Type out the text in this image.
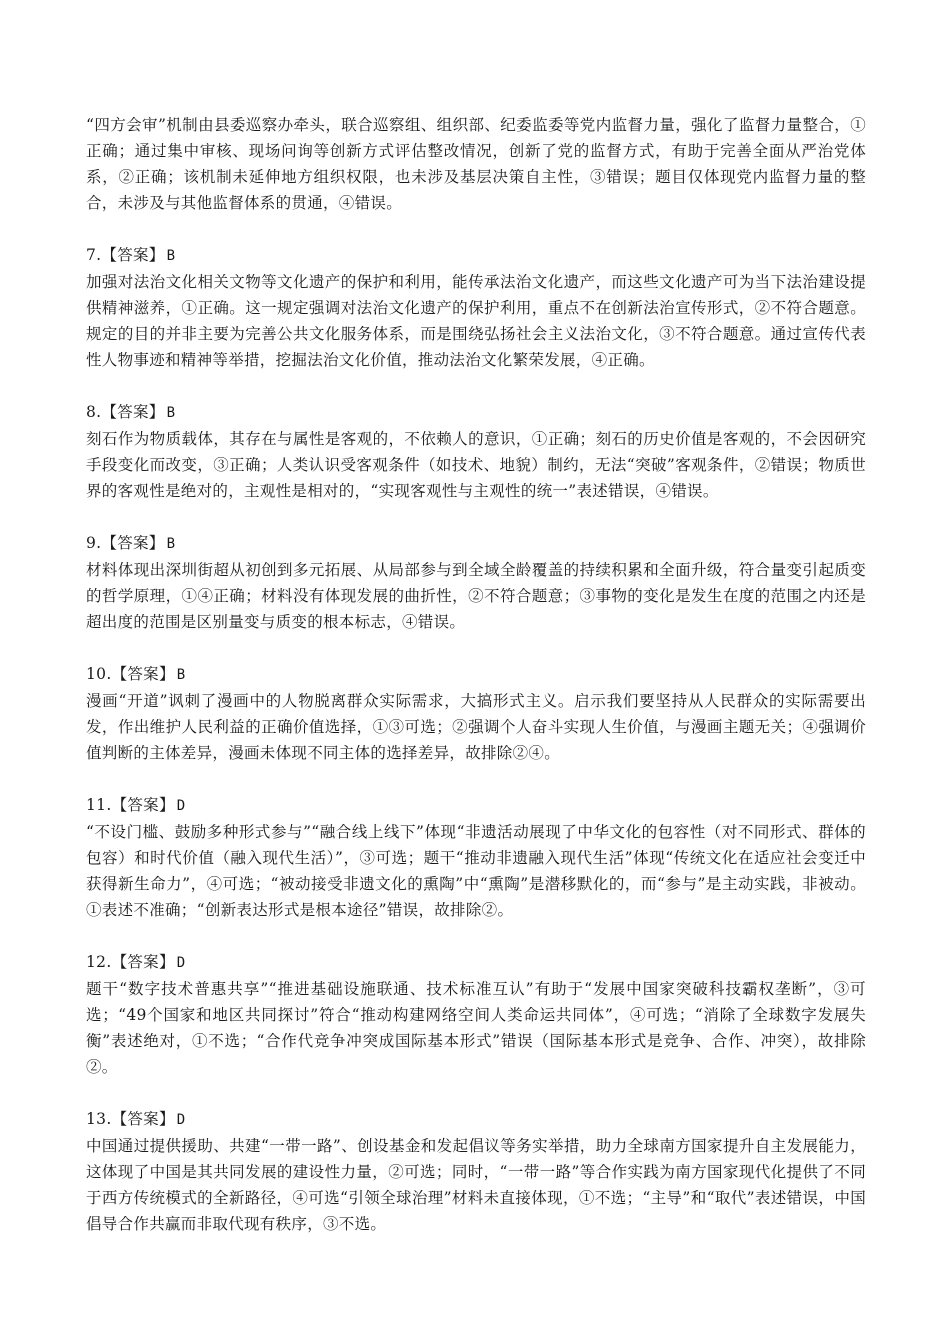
“四方会审”机制由县委巡察办牵头，联合巡察组、组织部、纪委监委等党内监督力量，强化了监督力量整合，①正确；通过集中审核、现场问询等创新方式评估整改情况，创新了党的监督方式，有助于完善全面从严治党体系，②正确；该机制未延伸地方组织权限，也未涉及基层决策自主性，③错误；题目仅体现党内监督力量的整合，未涉及与其他监督体系的贯通，④错误。

7.【答案】 B

加强对法治文化相关文物等文化遗产的保护和利用，能传承法治文化遗产，而这些文化遗产可为当下法治建设提供精神滋养，①正确。这一规定强调对法治文化遗产的保护利用，重点不在创新法治宣传形式，②不符合题意。规定的目的并非主要为完善公共文化服务体系，而是围绕弘扬社会主义法治文化，③不符合题意。通过宣传代表性人物事迹和精神等举措，挖掘法治文化价值，推动法治文化繁荣发展，④正确。

8.【答案】 B

刻石作为物质载体，其存在与属性是客观的，不依赖人的意识，①正确；刻石的历史价值是客观的，不会因研究手段变化而改变，③正确；人类认识受客观条件（如技术、地貌）制约，无法“突破”客观条件，②错误；物质世界的客观性是绝对的，主观性是相对的，“实现客观性与主观性的统一”表述错误，④错误。

9.【答案】 B

材料体现出深圳街超从初创到多元拓展、从局部参与到全域全龄覆盖的持续积累和全面升级，符合量变引起质变的哲学原理，①④正确；材料没有体现发展的曲折性，②不符合题意；③事物的变化是发生在度的范围之内还是超出度的范围是区别量变与质变的根本标志，④错误。

10.【答案】 B

漫画“开道”讽刺了漫画中的人物脱离群众实际需求，大搞形式主义。启示我们要坚持从人民群众的实际需要出发，作出维护人民利益的正确价值选择，①③可选；②强调个人奋斗实现人生价值，与漫画主题无关；④强调价值判断的主体差异，漫画未体现不同主体的选择差异，故排除②④。

11.【答案】 D

“不设门槛、鼓励多种形式参与”“融合线上线下”体现“非遗活动展现了中华文化的包容性（对不同形式、群体的包容）和时代价值（融入现代生活）”，③可选；题干“推动非遗融入现代生活”体现“传统文化在适应社会变迁中获得新生命力”，④可选；“被动接受非遗文化的熏陶”中“熏陶”是潜移默化的，而“参与”是主动实践，非被动。①表述不准确；“创新表达形式是根本途径”错误，故排除②。

12.【答案】 D

题干“数字技术普惠共享”“推进基础设施联通、技术标准互认”有助于“发展中国家突破科技霸权垄断”，③可选；“49个国家和地区共同探讨”符合“推动构建网络空间人类命运共同体”，④可选；“消除了全球数字发展失衡”表述绝对，①不选；“合作代竞争冲突成国际基本形式”错误（国际基本形式是竞争、合作、冲突），故排除②。

13.【答案】 D

中国通过提供援助、共建“一带一路”、创设基金和发起倡议等务实举措，助力全球南方国家提升自主发展能力，这体现了中国是其共同发展的建设性力量，②可选；同时，“一带一路”等合作实践为南方国家现代化提供了不同于西方传统模式的全新路径，④可选“引领全球治理”材料未直接体现，①不选；“主导”和“取代”表述错误，中国倡导合作共赢而非取代现有秩序，③不选。
